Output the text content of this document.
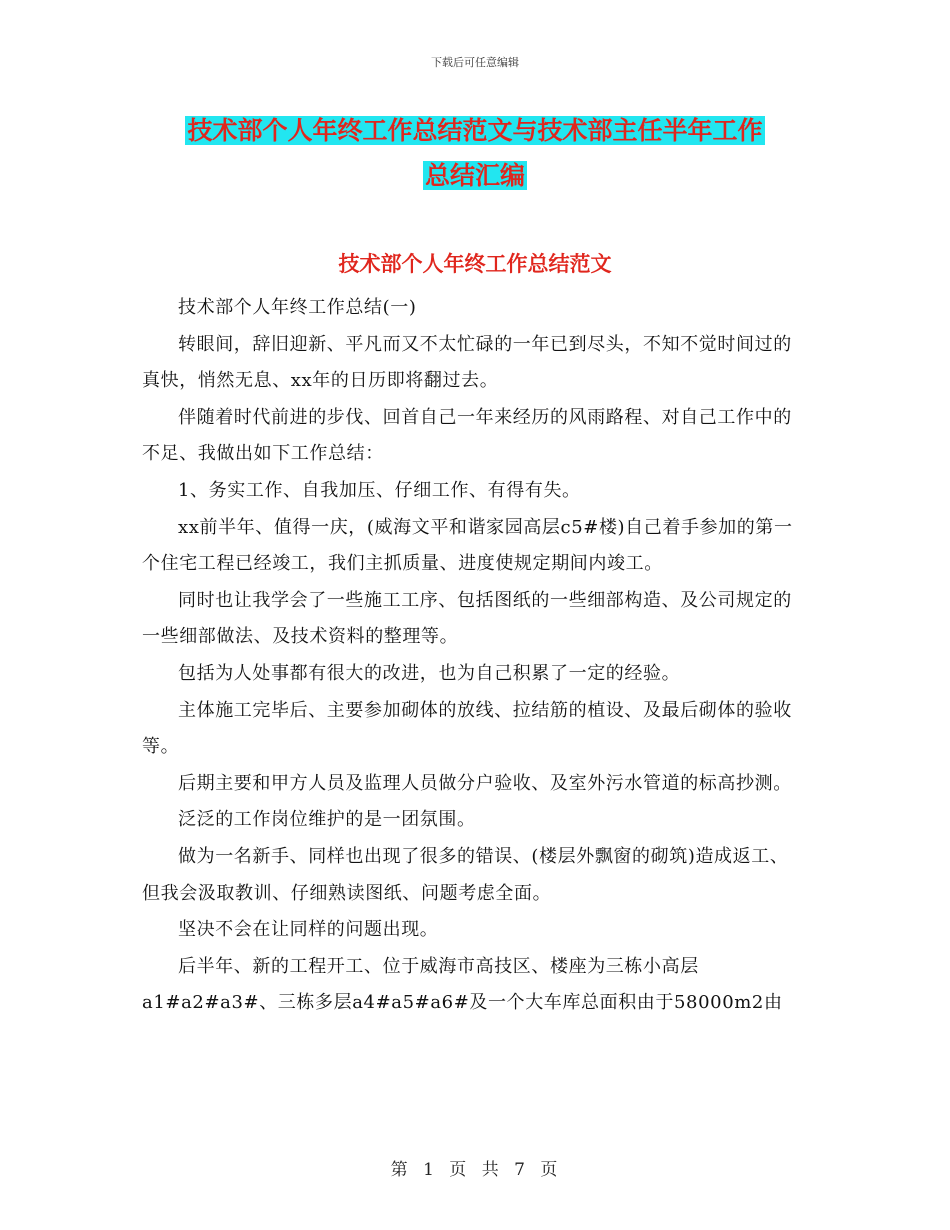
下载后可任意编辑
技术部个人年终工作总结范文与技术部主任半年工作
总结汇编
技术部个人年终工作总结范文

技术部个人年终工作总结(一)

转眼间，辞旧迎新、平凡而又不太忙碌的一年已到尽头，不知不觉时间过的真快，悄然无息、xx年的日历即将翻过去。

伴随着时代前进的步伐、回首自己一年来经历的风雨路程、对自己工作中的不足、我做出如下工作总结：

1、务实工作、自我加压、仔细工作、有得有失。

xx前半年、值得一庆，(威海文平和谐家园高层c5#楼)自己着手参加的第一个住宅工程已经竣工，我们主抓质量、进度使规定期间内竣工。

同时也让我学会了一些施工工序、包括图纸的一些细部构造、及公司规定的一些细部做法、及技术资料的整理等。

包括为人处事都有很大的改进，也为自己积累了一定的经验。

主体施工完毕后、主要参加砌体的放线、拉结筋的植设、及最后砌体的验收等。

后期主要和甲方人员及监理人员做分户验收、及室外污水管道的标高抄测。

泛泛的工作岗位维护的是一团氛围。

做为一名新手、同样也出现了很多的错误、(楼层外飘窗的砌筑)造成返工、但我会汲取教训、仔细熟读图纸、问题考虑全面。

坚决不会在让同样的问题出现。

后半年、新的工程开工、位于威海市高技区、楼座为三栋小高层a1#a2#a3#、三栋多层a4#a5#a6#及一个大车库总面积由于58000m2由

第 1 页 共 7 页
